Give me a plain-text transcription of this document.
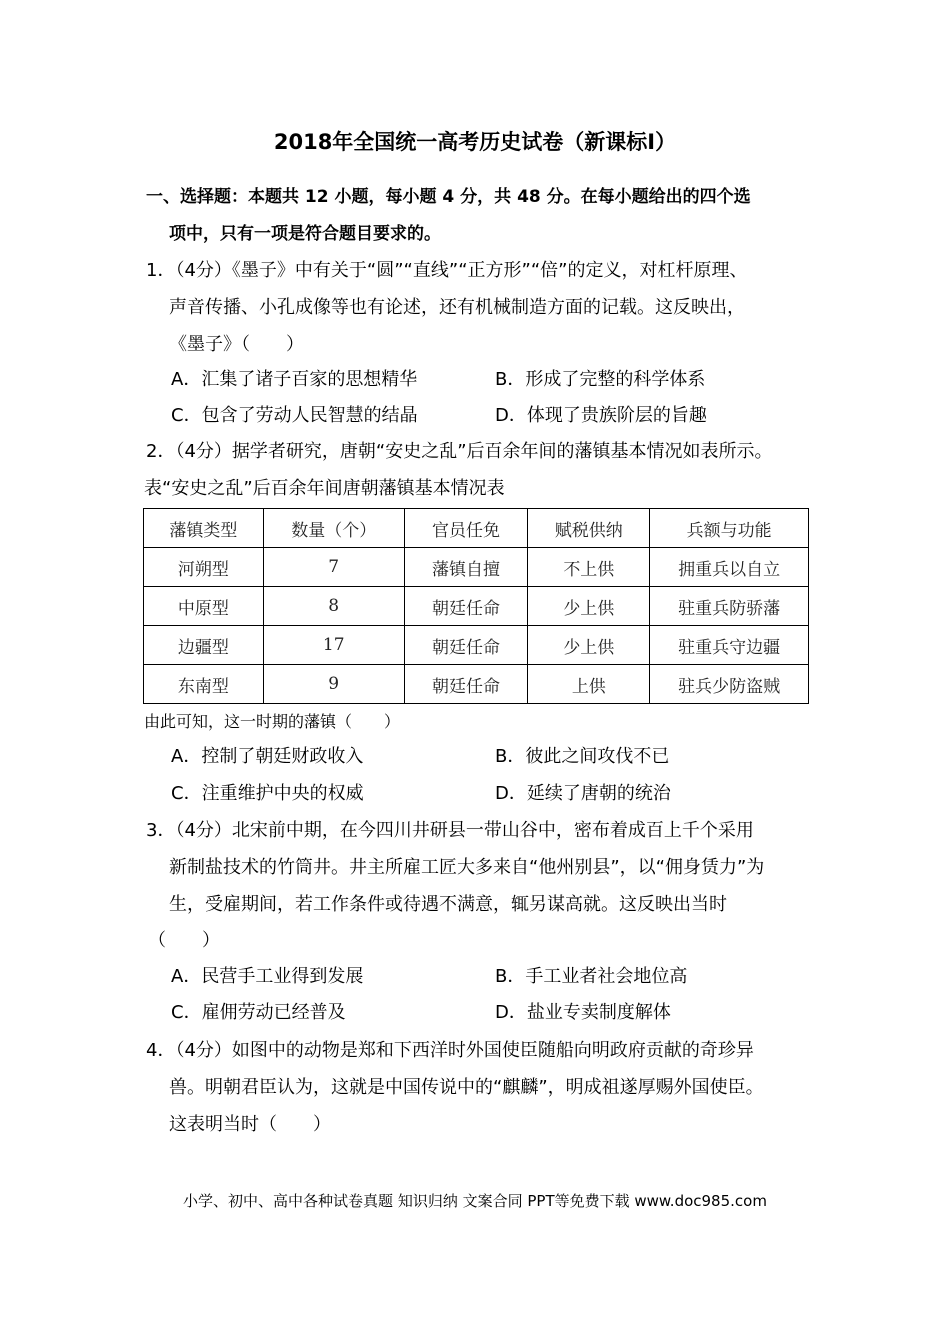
2018年全国统一高考历史试卷（新课标Ⅰ）
一、选择题：本题共 12 小题，每小题 4 分，共 48 分。在每小题给出的四个选
项中，只有一项是符合题目要求的。
1．（4分）《墨子》中有关于“圆”“直线”“正方形”“倍”的定义，对杠杆原理、
声音传播、小孔成像等也有论述，还有机械制造方面的记载。这反映出，
《墨子》（　　）
A．汇集了诸子百家的思想精华	B．形成了完整的科学体系
C．包含了劳动人民智慧的结晶	D．体现了贵族阶层的旨趣
2．（4分）据学者研究，唐朝“安史之乱”后百余年间的藩镇基本情况如表所示。
表“安史之乱”后百余年间唐朝藩镇基本情况表
藩镇类型	数量（个）	官员任免	赋税供纳	兵额与功能
河朔型	7	藩镇自擅	不上供	拥重兵以自立
中原型	8	朝廷任命	少上供	驻重兵防骄藩
边疆型	17	朝廷任命	少上供	驻重兵守边疆
东南型	9	朝廷任命	上供	驻兵少防盗贼
由此可知，这一时期的藩镇（　　）
A．控制了朝廷财政收入	B．彼此之间攻伐不已
C．注重维护中央的权威	D．延续了唐朝的统治
3．（4分）北宋前中期，在今四川井研县一带山谷中，密布着成百上千个采用
新制盐技术的竹筒井。井主所雇工匠大多来自“他州别县”，以“佣身赁力”为
生，受雇期间，若工作条件或待遇不满意，辄另谋高就。这反映出当时
（　　）
A．民营手工业得到发展	B．手工业者社会地位高
C．雇佣劳动已经普及	D．盐业专卖制度解体
4．（4分）如图中的动物是郑和下西洋时外国使臣随船向明政府贡献的奇珍异
兽。明朝君臣认为，这就是中国传说中的“麒麟”，明成祖遂厚赐外国使臣。
这表明当时（　　）
小学、初中、高中各种试卷真题 知识归纳 文案合同 PPT等免费下载 www.doc985.com
